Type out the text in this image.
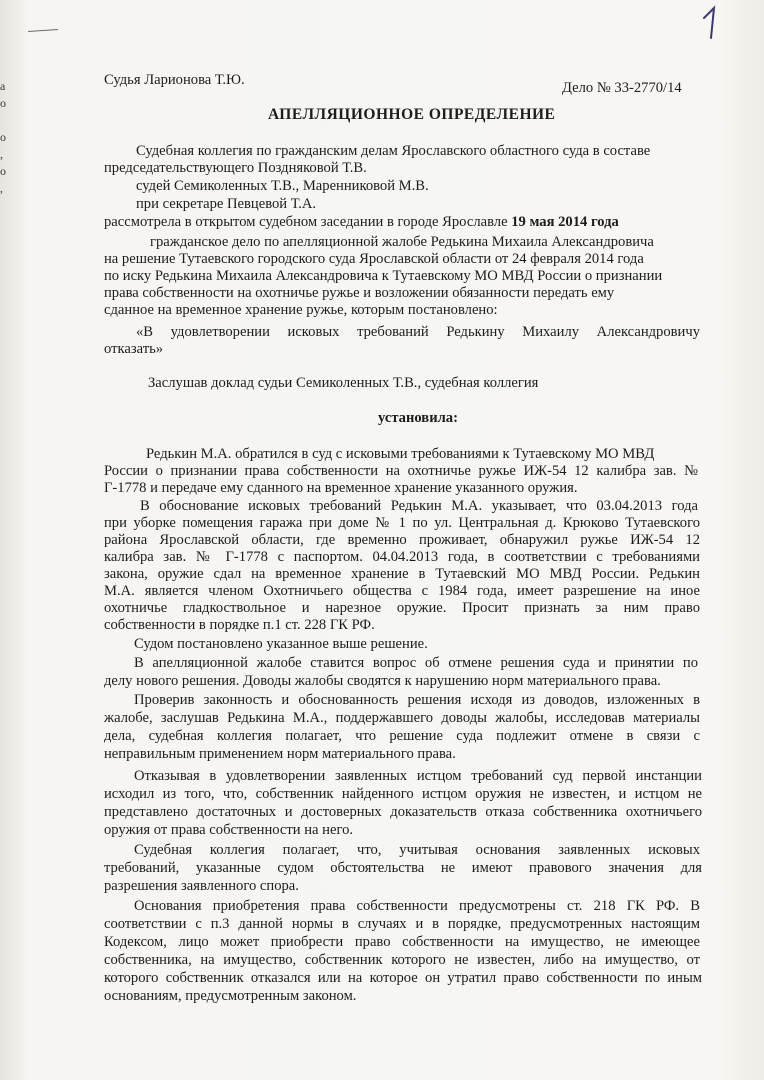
а
о
о
,
о
,
Судья Ларионова Т.Ю.	Дело № 33-2770/14
АПЕЛЛЯЦИОННОЕ ОПРЕДЕЛЕНИЕ
Судебная коллегия по гражданским делам Ярославского областного суда в составе
председательствующего Поздняковой Т.В.
судей Семиколенных Т.В., Маренниковой М.В.
при секретаре Певцевой Т.А.
рассмотрела в открытом судебном заседании в городе Ярославле 19 мая 2014 года
гражданское дело по апелляционной жалобе Редькина Михаила Александровича
на решение Тутаевского городского суда Ярославской области от 24 февраля 2014 года
по иску Редькина Михаила Александровича к Тутаевскому МО МВД России о признании
права собственности на охотничье ружье и возложении обязанности передать ему
сданное на временное хранение ружье, которым постановлено:
«В удовлетворении исковых требований Редькину Михаилу Александровичу
отказать»
Заслушав доклад судьи Семиколенных Т.В., судебная коллегия
установила:
Редькин М.А. обратился в суд с исковыми требованиями к Тутаевскому МО МВД
России о признании права собственности на охотничье ружье ИЖ-54 12 калибра зав. №
Г-1778 и передаче ему сданного на временное хранение указанного оружия.
В обоснование исковых требований Редькин М.А. указывает, что 03.04.2013 года
при уборке помещения гаража при доме № 1 по ул. Центральная д. Крюково Тутаевского
района Ярославской области, где временно проживает, обнаружил ружье ИЖ-54 12
калибра зав. № Г-1778 с паспортом. 04.04.2013 года, в соответствии с требованиями
закона, оружие сдал на временное хранение в Тутаевский МО МВД России. Редькин
М.А. является членом Охотничьего общества с 1984 года, имеет разрешение на иное
охотничье гладкоствольное и нарезное оружие. Просит признать за ним право
собственности в порядке п.1 ст. 228 ГК РФ.
Судом постановлено указанное выше решение.
В апелляционной жалобе ставится вопрос об отмене решения суда и принятии по
делу нового решения. Доводы жалобы сводятся к нарушению норм материального права.
Проверив законность и обоснованность решения исходя из доводов, изложенных в
жалобе, заслушав Редькина М.А., поддержавшего доводы жалобы, исследовав материалы
дела, судебная коллегия полагает, что решение суда подлежит отмене в связи с
неправильным применением норм материального права.
Отказывая в удовлетворении заявленных истцом требований суд первой инстанции
исходил из того, что, собственник найденного истцом оружия не известен, и истцом не
представлено достаточных и достоверных доказательств отказа собственника охотничьего
оружия от права собственности на него.
Судебная коллегия полагает, что, учитывая основания заявленных исковых
требований, указанные судом обстоятельства не имеют правового значения для
разрешения заявленного спора.
Основания приобретения права собственности предусмотрены ст. 218 ГК РФ. В
соответствии с п.3 данной нормы в случаях и в порядке, предусмотренных настоящим
Кодексом, лицо может приобрести право собственности на имущество, не имеющее
собственника, на имущество, собственник которого не известен, либо на имущество, от
которого собственник отказался или на которое он утратил право собственности по иным
основаниям, предусмотренным законом.
